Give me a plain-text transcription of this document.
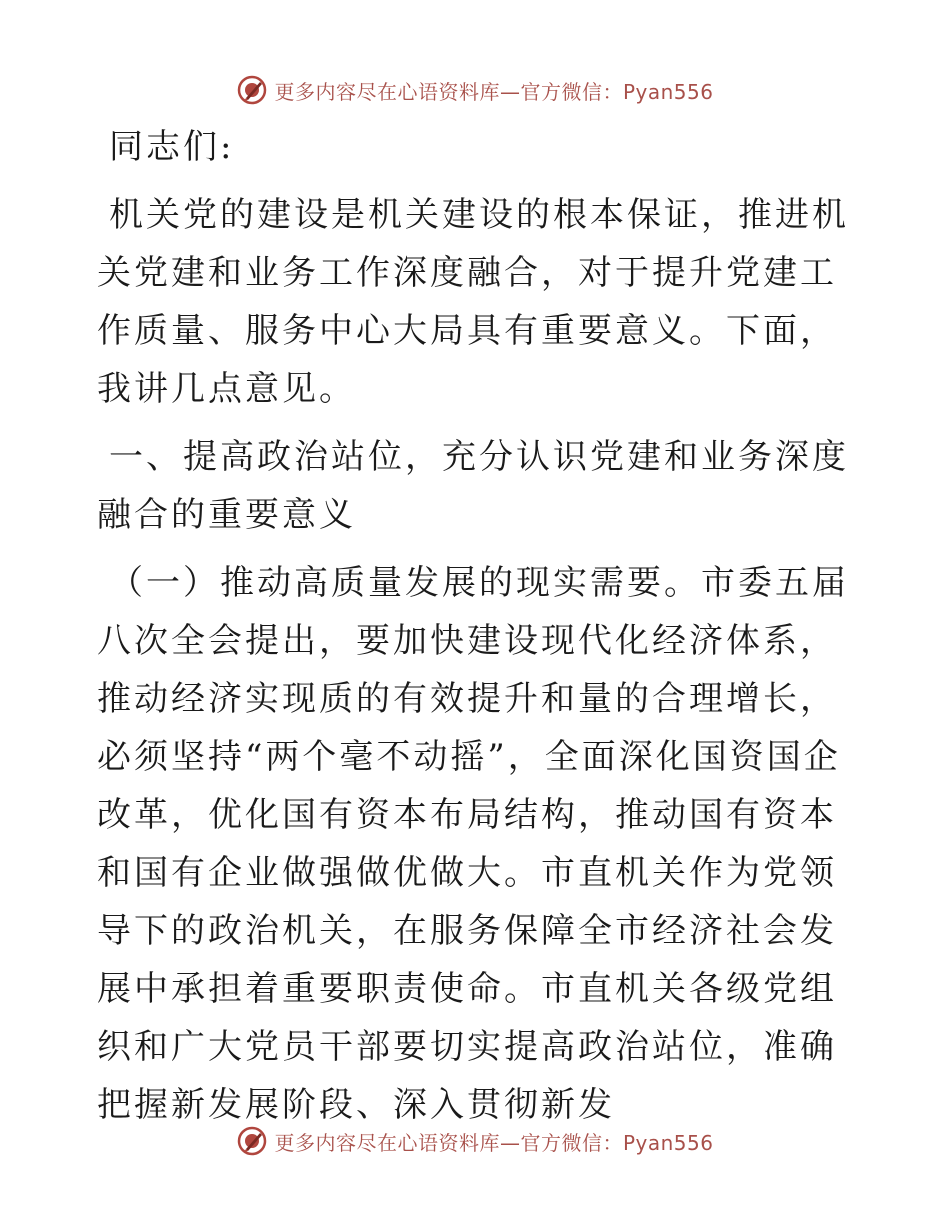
更多内容尽在心语资料库—官方微信：Pyan556

同志们:

机关党的建设是机关建设的根本保证，推进机关党建和业务工作深度融合，对于提升党建工作质量、服务中心大局具有重要意义。下面，我讲几点意见。

一、提高政治站位，充分认识党建和业务深度融合的重要意义

（一）推动高质量发展的现实需要。市委五届八次全会提出，要加快建设现代化经济体系，推动经济实现质的有效提升和量的合理增长，必须坚持“两个毫不动摇”，全面深化国资国企改革，优化国有资本布局结构，推动国有资本和国有企业做强做优做大。市直机关作为党领导下的政治机关，在服务保障全市经济社会发展中承担着重要职责使命。市直机关各级党组织和广大党员干部要切实提高政治站位，准确把握新发展阶段、深入贯彻新发

更多内容尽在心语资料库—官方微信：Pyan556
